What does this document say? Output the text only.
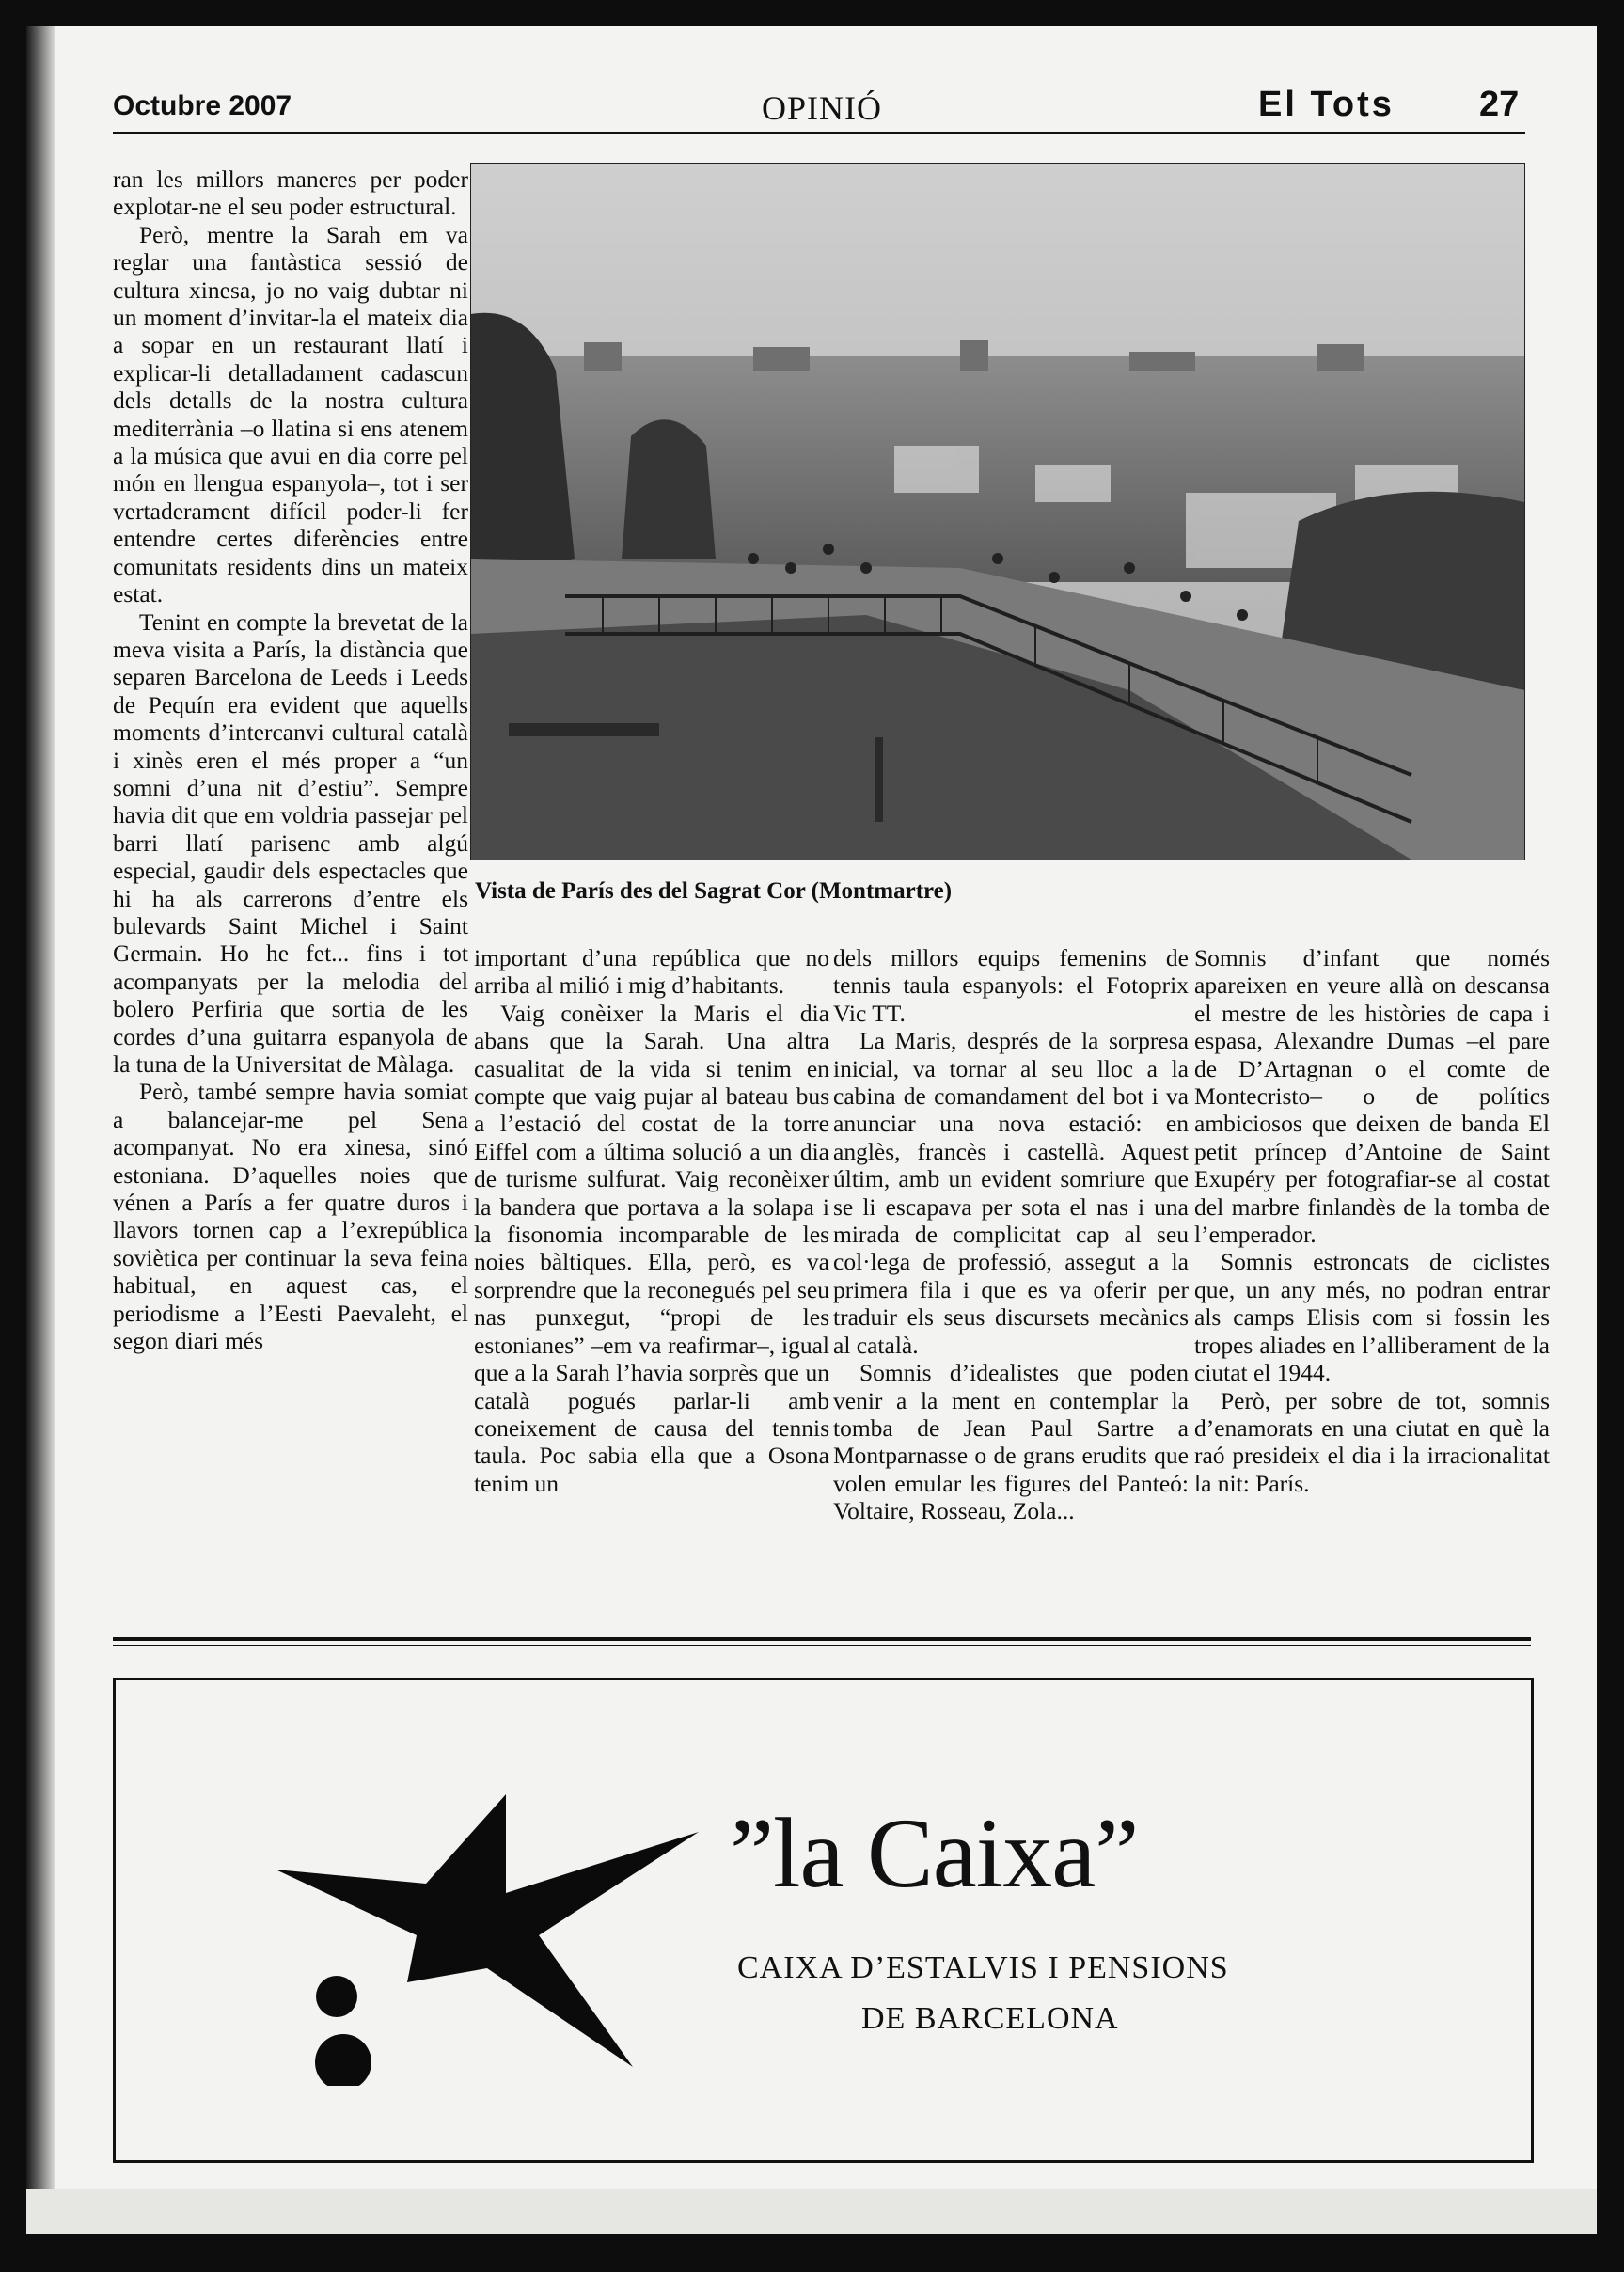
Octubre 2007	OPINIÓ	El Tots 27

ran les millors maneres per poder explotar-ne el seu poder estructural.

Però, mentre la Sarah em va reglar una fantàstica sessió de cultura xinesa, jo no vaig dubtar ni un moment d’invitar-la el mateix dia a sopar en un restaurant llatí i explicar-li detalladament cadascun dels detalls de la nostra cultura mediterrània –o llatina si ens atenem a la música que avui en dia corre pel món en llengua espanyola–, tot i ser vertaderament difícil poder-li fer entendre certes diferències entre comunitats residents dins un mateix estat.

Tenint en compte la brevetat de la meva visita a París, la distància que separen Barcelona de Leeds i Leeds de Pequín era evident que aquells moments d’intercanvi cultural català i xinès eren el més proper a “un somni d’una nit d’estiu”. Sempre havia dit que em voldria passejar pel barri llatí parisenc amb algú especial, gaudir dels espectacles que hi ha als carrerons d’entre els bulevards Saint Michel i Saint Germain. Ho he fet... fins i tot acompanyats per la melodia del bolero Perfiria que sortia de les cordes d’una guitarra espanyola de la tuna de la Universitat de Màlaga.

Però, també sempre havia somiat a balancejar-me pel Sena acompanyat. No era xinesa, sinó estoniana. D’aquelles noies que vénen a París a fer quatre duros i llavors tornen cap a l’exrepública soviètica per continuar la seva feina habitual, en aquest cas, el periodisme a l’Eesti Paevaleht, el segon diari més

Vista de París des del Sagrat Cor (Montmartre)

important d’una república que no arriba al milió i mig d’habitants.

Vaig conèixer la Maris el dia abans que la Sarah. Una altra casualitat de la vida si tenim en compte que vaig pujar al bateau bus a l’estació del costat de la torre Eiffel com a última solució a un dia de turisme sulfurat. Vaig reconèixer la bandera que portava a la solapa i la fisonomia incomparable de les noies bàltiques. Ella, però, es va sorprendre que la reconegués pel seu nas punxegut, “propi de les estonianes” –em va reafirmar–, igual que a la Sarah l’havia sorprès que un català pogués parlar-li amb coneixement de causa del tennis taula. Poc sabia ella que a Osona tenim un

dels millors equips femenins de tennis taula espanyols: el Fotoprix Vic TT.

La Maris, després de la sorpresa inicial, va tornar al seu lloc a la cabina de comandament del bot i va anunciar una nova estació: en anglès, francès i castellà. Aquest últim, amb un evident somriure que se li escapava per sota el nas i una mirada de complicitat cap al seu col·lega de professió, assegut a la primera fila i que es va oferir per traduir els seus discursets mecànics al català.

Somnis d’idealistes que poden venir a la ment en contemplar la tomba de Jean Paul Sartre a Montparnasse o de grans erudits que volen emular les figures del Panteó: Voltaire, Rosseau, Zola...

Somnis d’infant que només apareixen en veure allà on descansa el mestre de les històries de capa i espasa, Alexandre Dumas –el pare de D’Artagnan o el comte de Montecristo– o de polítics ambiciosos que deixen de banda El petit príncep d’Antoine de Saint Exupéry per fotografiar-se al costat del marbre finlandès de la tomba de l’emperador.

Somnis estroncats de ciclistes que, un any més, no podran entrar als camps Elisis com si fossin les tropes aliades en l’alliberament de la ciutat el 1944.

Però, per sobre de tot, somnis d’enamorats en una ciutat en què la raó presideix el dia i la irracionalitat la nit: París.

”la Caixa”
CAIXA D’ESTALVIS I PENSIONS
DE BARCELONA
